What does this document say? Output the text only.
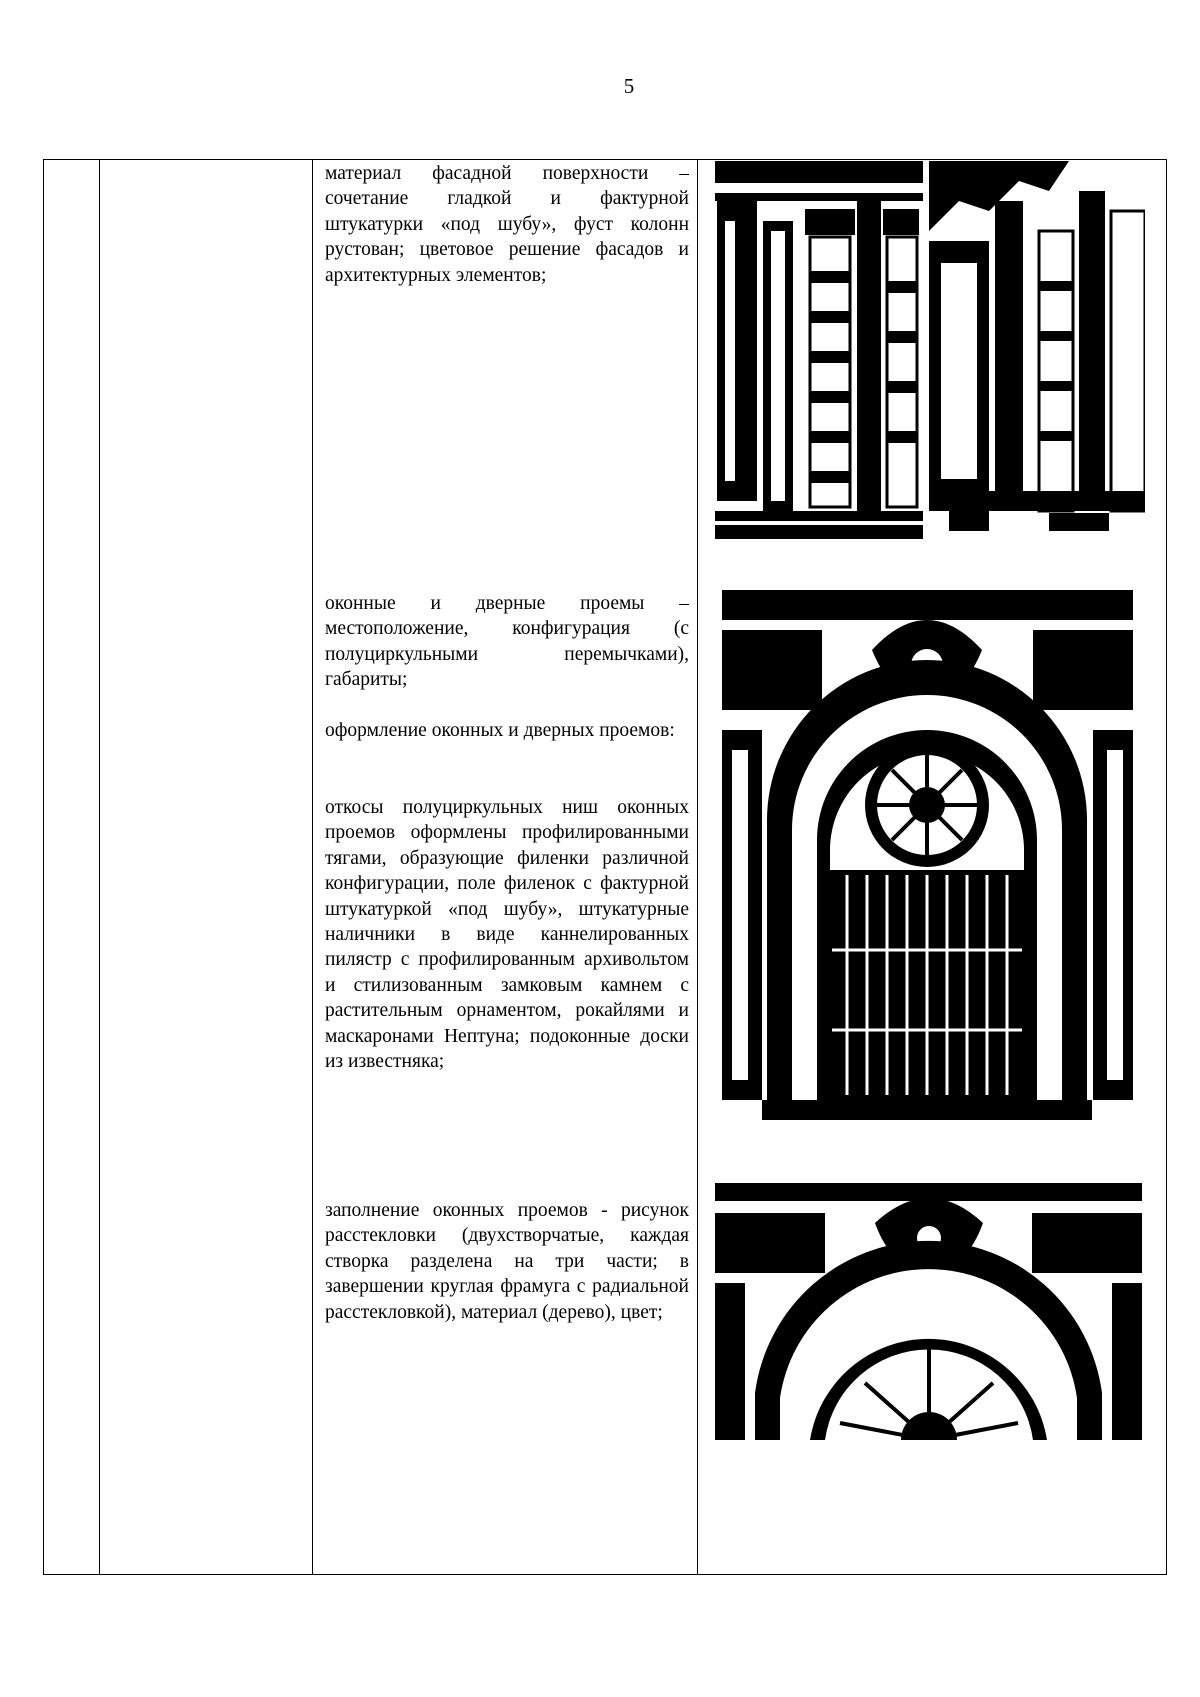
5
материал фасадной поверхности – сочетание гладкой и фактурной штукатурки «под шубу», фуст колонн рустован; цветовое решение фасадов и архитектурных элементов;
оконные и дверные проемы – местоположение, конфигурация (с полуциркульными перемычками), габариты;
оформление оконных и дверных проемов:
откосы полуциркульных ниш оконных проемов оформлены профилированными тягами, образующие филенки различной конфигурации, поле филенок с фактурной штукатуркой «под шубу», штукатурные наличники в виде каннелированных пилястр с профилированным архивольтом и стилизованным замковым камнем с растительным орнаментом, рокайлями и маскаронами Нептуна; подоконные доски из известняка;
заполнение оконных проемов - рисунок расстекловки (двухстворчатые, каждая створка разделена на три части; в завершении круглая фрамуга с радиальной расстекловкой), материал (дерево), цвет;
